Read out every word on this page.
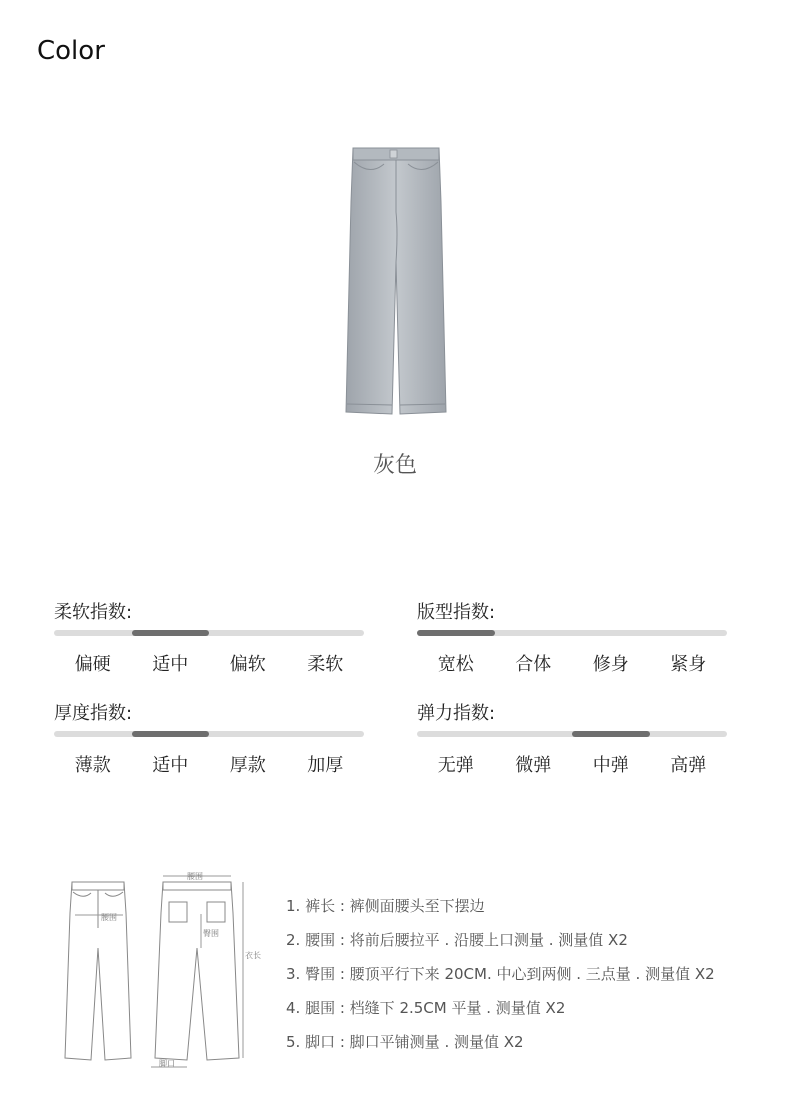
Color
灰色
柔软指数:
偏硬	适中	偏软	柔软
版型指数:
宽松	合体	修身	紧身
厚度指数:
薄款	适中	厚款	加厚
弹力指数:
无弹	微弹	中弹	高弹
腰围
腰围
臀围
衣长
脚口
1. 裤长 : 裤侧面腰头至下摆边
2. 腰围 : 将前后腰拉平 . 沿腰上口测量 . 测量值 X2
3. 臀围 : 腰顶平行下来 20CM. 中心到两侧 . 三点量 . 测量值 X2
4. 腿围 : 档缝下 2.5CM 平量 . 测量值 X2
5. 脚口 : 脚口平铺测量 . 测量值 X2
